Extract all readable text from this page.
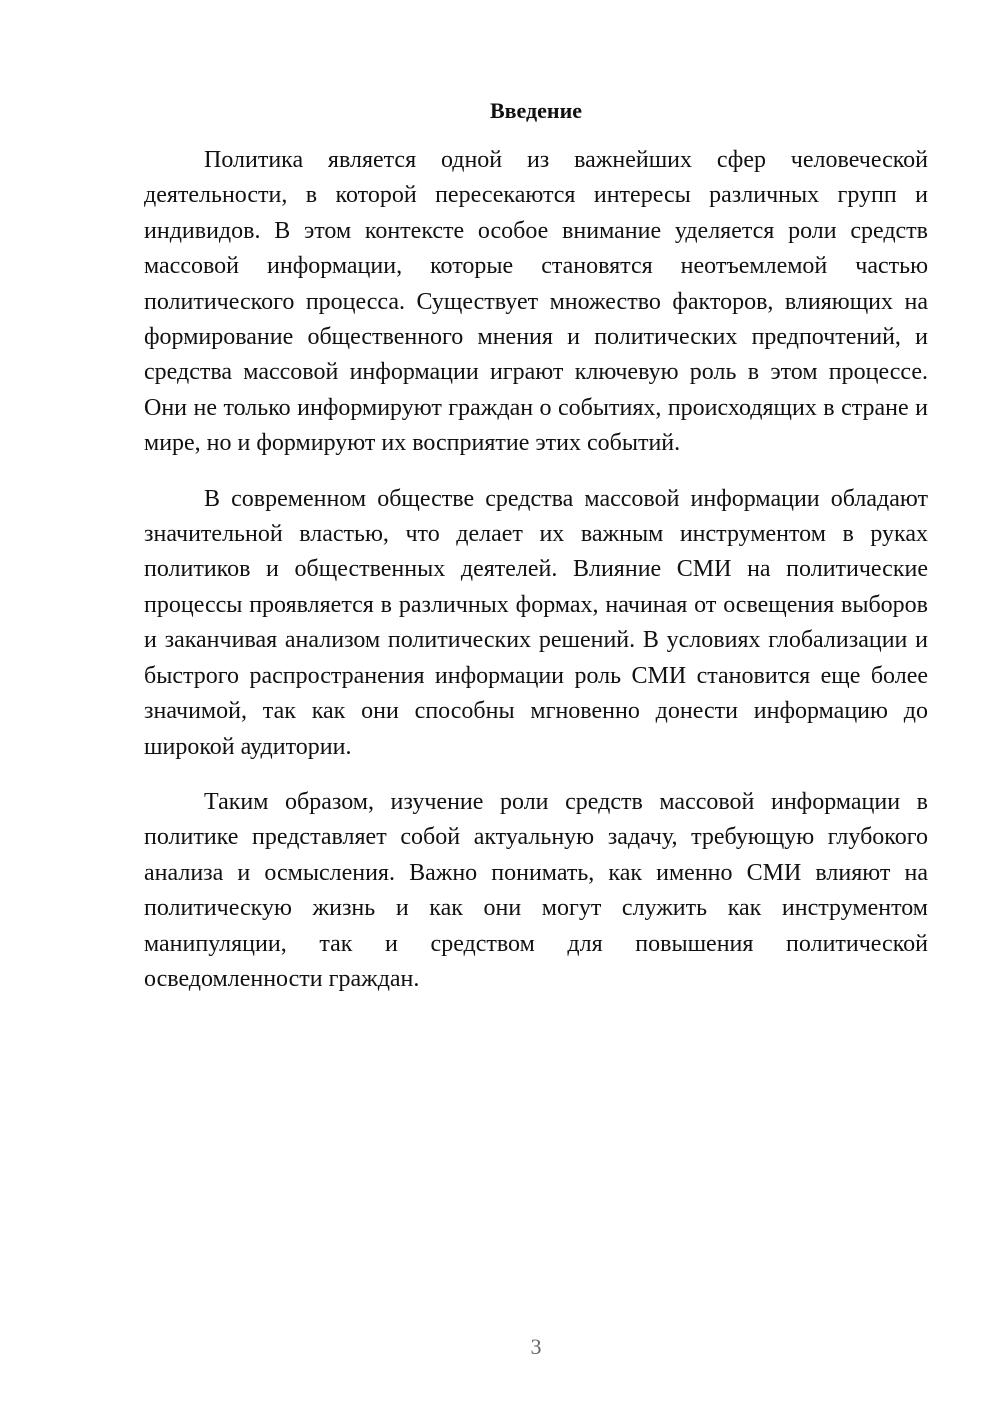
Введение

Политика является одной из важнейших сфер человеческой деятельности, в которой пересекаются интересы различных групп и индивидов. В этом контексте особое внимание уделяется роли средств массовой информации, которые становятся неотъемлемой частью политического процесса. Существует множество факторов, влияющих на формирование общественного мнения и политических предпочтений, и средства массовой информации играют ключевую роль в этом процессе. Они не только информируют граждан о событиях, происходящих в стране и мире, но и формируют их восприятие этих событий.

В современном обществе средства массовой информации обладают значительной властью, что делает их важным инструментом в руках политиков и общественных деятелей. Влияние СМИ на политические процессы проявляется в различных формах, начиная от освещения выборов и заканчивая анализом политических решений. В условиях глобализации и быстрого распространения информации роль СМИ становится еще более значимой, так как они способны мгновенно донести информацию до широкой аудитории.

Таким образом, изучение роли средств массовой информации в политике представляет собой актуальную задачу, требующую глубокого анализа и осмысления. Важно понимать, как именно СМИ влияют на политическую жизнь и как они могут служить как инструментом манипуляции, так и средством для повышения политической осведомленности граждан.

3
